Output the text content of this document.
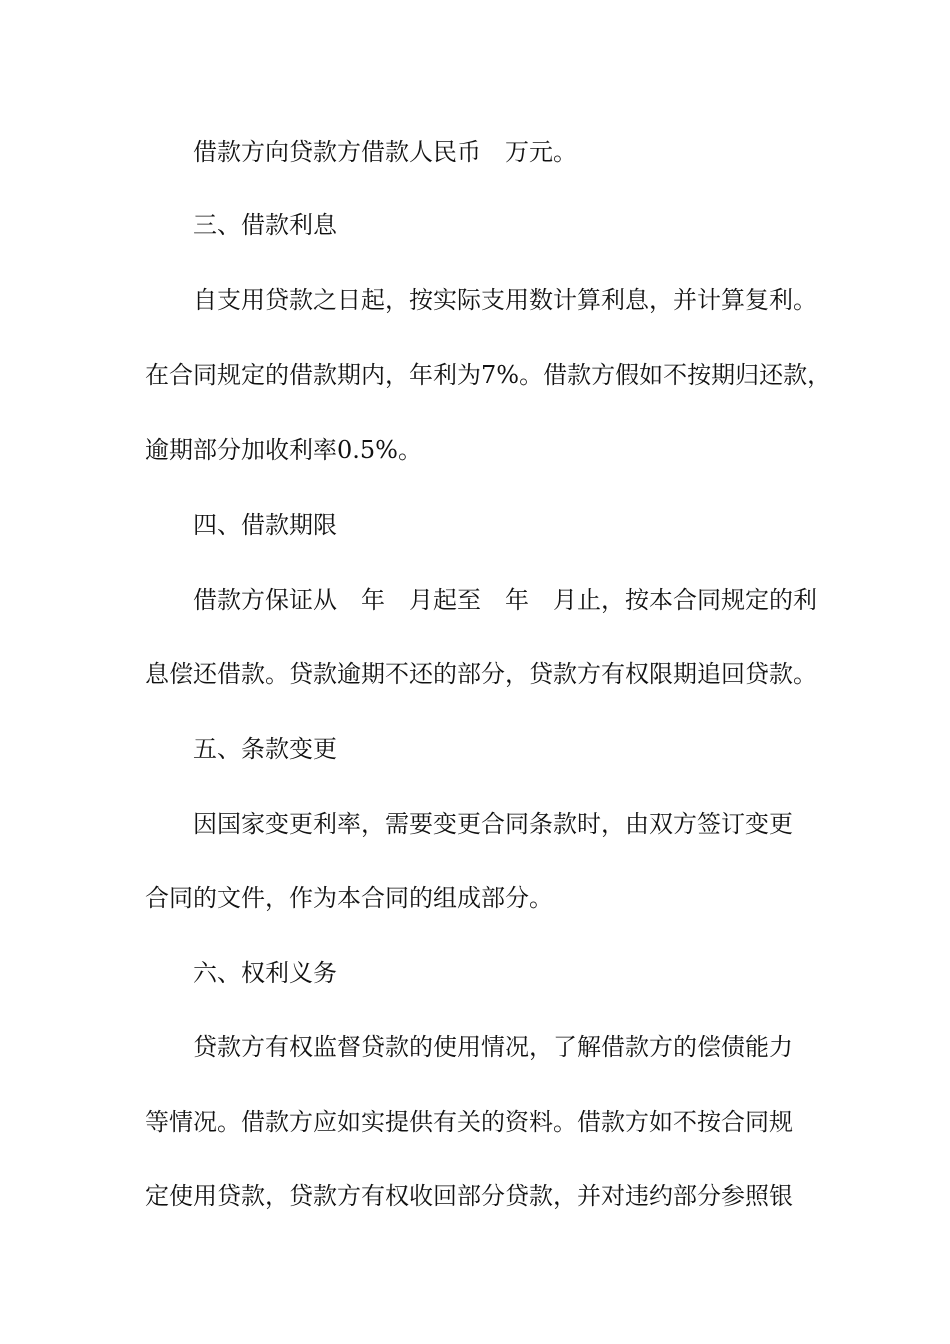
借款方向贷款方借款人民币　万元。
三、借款利息
自支用贷款之日起，按实际支用数计算利息，并计算复利。
在合同规定的借款期内，年利为7%。借款方假如不按期归还款，
逾期部分加收利率0.5%。
四、借款期限
借款方保证从　年　月起至　年　月止，按本合同规定的利
息偿还借款。贷款逾期不还的部分，贷款方有权限期追回贷款。
五、条款变更
因国家变更利率，需要变更合同条款时，由双方签订变更
合同的文件，作为本合同的组成部分。
六、权利义务
贷款方有权监督贷款的使用情况，了解借款方的偿债能力
等情况。借款方应如实提供有关的资料。借款方如不按合同规
定使用贷款，贷款方有权收回部分贷款，并对违约部分参照银
